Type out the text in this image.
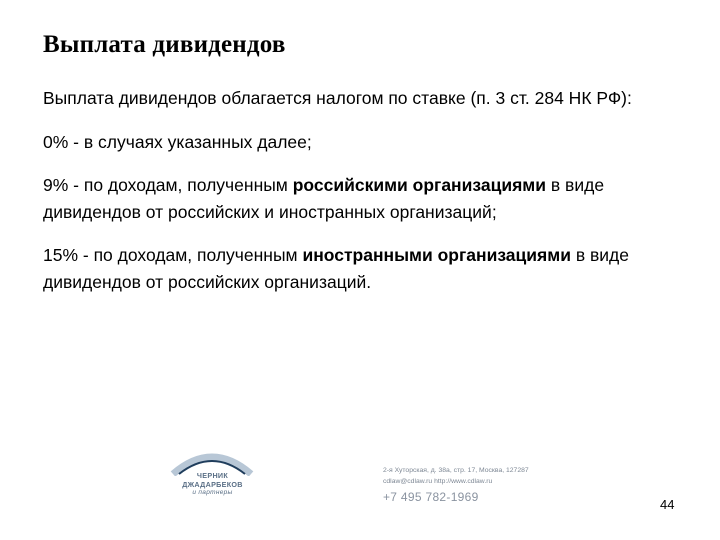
Выплата дивидендов

Выплата дивидендов облагается налогом по ставке (п. 3 ст. 284 НК РФ):

0% - в случаях указанных далее;

9% - по доходам, полученным российскими организациями в виде дивидендов от российских и иностранных организаций;

15% - по доходам, полученным иностранными организациями в виде дивидендов от российских организаций.

ЧЕРНИК
ДЖАДАРБЕКОВ
и партнеры
2-я Хуторская, д. 38а, стр. 17, Москва, 127287
cdlaw@cdlaw.ru http://www.cdlaw.ru
+7 495 782-1969	44
